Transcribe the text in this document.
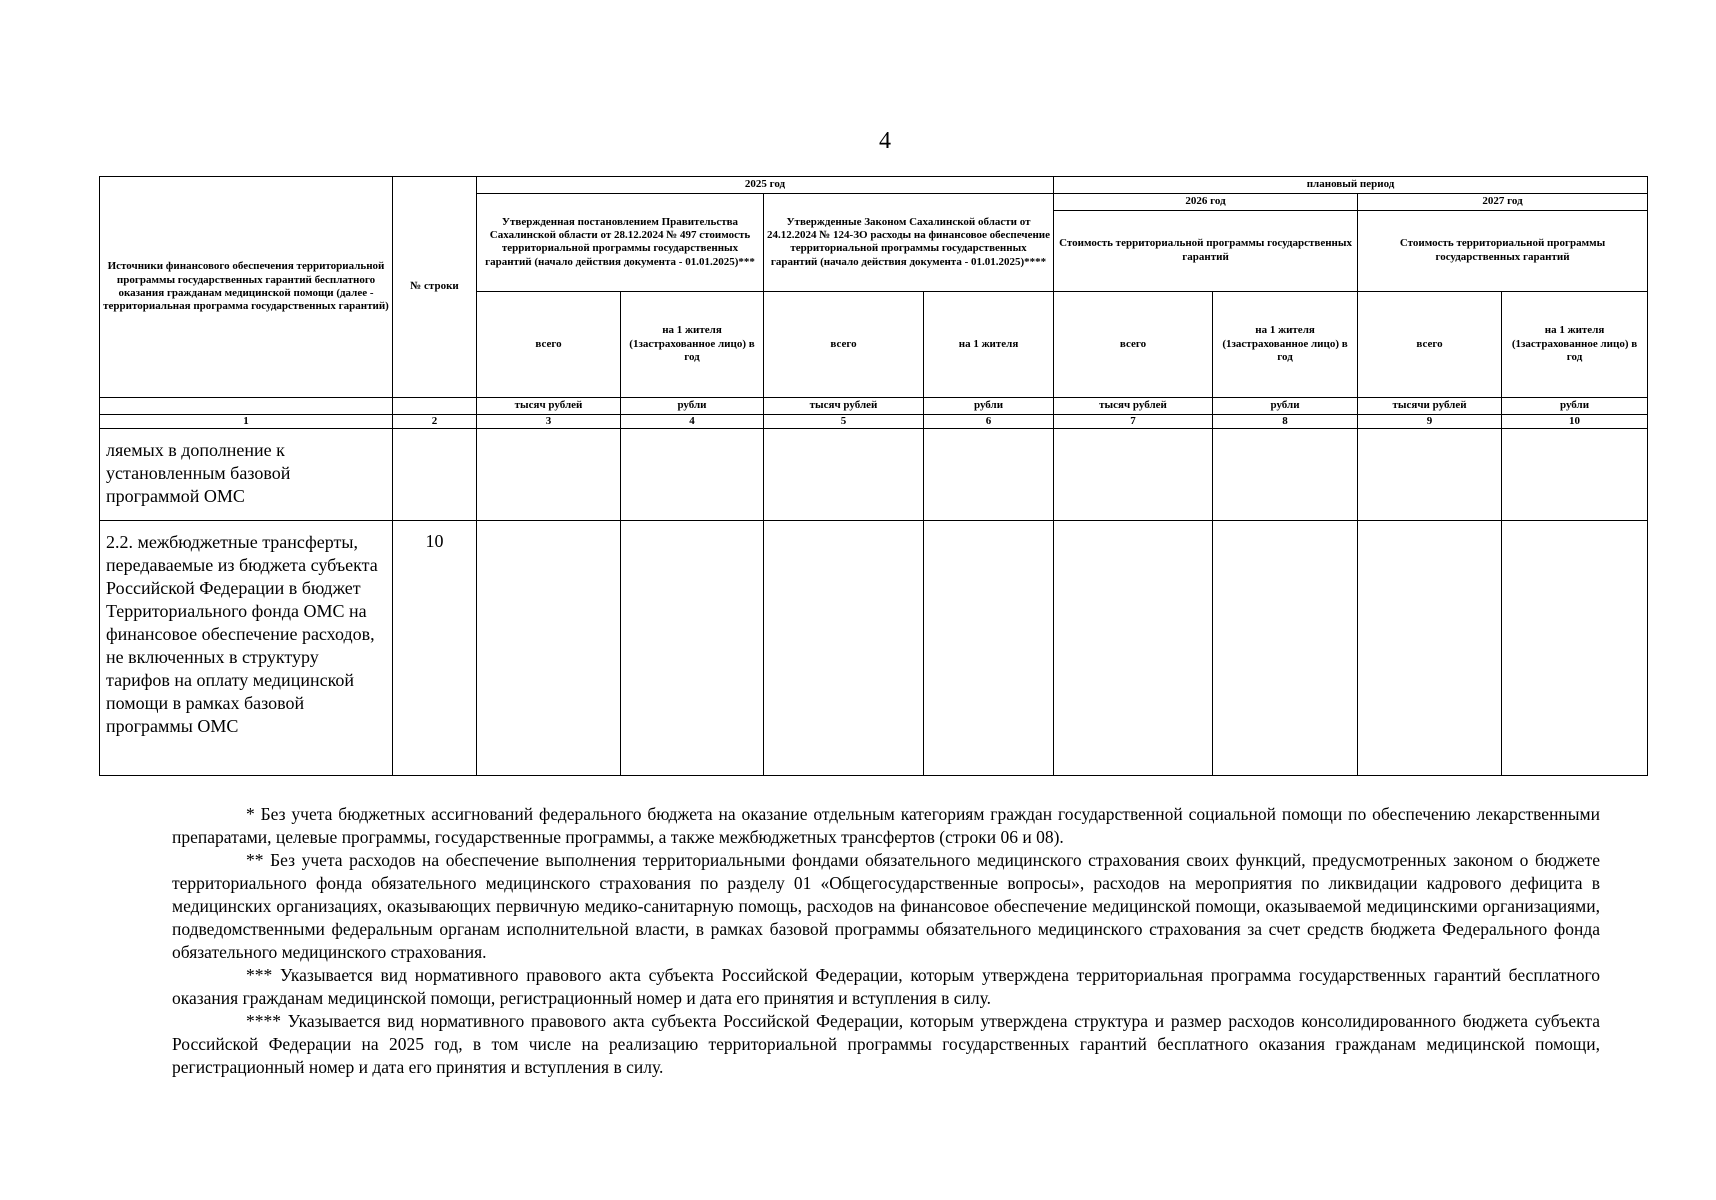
4
Источники финансового обеспечения территориальной программы государственных гарантий бесплатного оказания гражданам медицинской помощи (далее - территориальная программа государственных гарантий)	№ строки	2025 год				плановый период			
		Утвержденная постановлением Правительства Сахалинской области от 28.12.2024 № 497 стоимость территориальной программы государственных гарантий (начало действия документа - 01.01.2025)***		Утвержденные Законом Сахалинской области от 24.12.2024 № 124-ЗО расходы на финансовое обеспечение территориальной программы государственных гарантий (начало действия документа - 01.01.2025)****		2026 год		2027 год	
						Стоимость территориальной программы государственных гарантий		Стоимость территориальной программы государственных гарантий	
		всего	на 1 жителя (1застрахованное лицо) в год	всего	на 1 жителя	всего	на 1 жителя (1застрахованное лицо) в год	всего	на 1 жителя (1застрахованное лицо) в год
		тысяч рублей	рубли	тысяч рублей	рубли	тысяч рублей	рубли	тысячи рублей	рубли
1	2	3	4	5	6	7	8	9	10
ляемых в дополнение к установленным базовой программой ОМС									
2.2. межбюджетные трансферты, передаваемые из бюджета субъекта Российской Федерации в бюджет Территориального фонда ОМС на финансовое обеспечение расходов, не включенных в структуру тарифов на оплату медицинской помощи в рамках базовой программы ОМС	10								

* Без учета бюджетных ассигнований федерального бюджета на оказание отдельным категориям граждан государственной социальной помощи по обеспечению лекарственными препаратами, целевые программы, государственные программы, а также межбюджетных трансфертов (строки 06 и 08).

** Без учета расходов на обеспечение выполнения территориальными фондами обязательного медицинского страхования своих функций, предусмотренных законом о бюджете территориального фонда обязательного медицинского страхования по разделу 01 «Общегосударственные вопросы», расходов на мероприятия по ликвидации кадрового дефицита в медицинских организациях, оказывающих первичную медико-санитарную помощь, расходов на финансовое обеспечение медицинской помощи, оказываемой медицинскими организациями, подведомственными федеральным органам исполнительной власти, в рамках базовой программы обязательного медицинского страхования за счет средств бюджета Федерального фонда обязательного медицинского страхования.

*** Указывается вид нормативного правового акта субъекта Российской Федерации, которым утверждена территориальная программа государственных гарантий бесплатного оказания гражданам медицинской помощи, регистрационный номер и дата его принятия и вступления в силу.

**** Указывается вид нормативного правового акта субъекта Российской Федерации, которым утверждена структура и размер расходов консолидированного бюджета субъекта Российской Федерации на 2025 год, в том числе на реализацию территориальной программы государственных гарантий бесплатного оказания гражданам медицинской помощи, регистрационный номер и дата его принятия и вступления в силу.
